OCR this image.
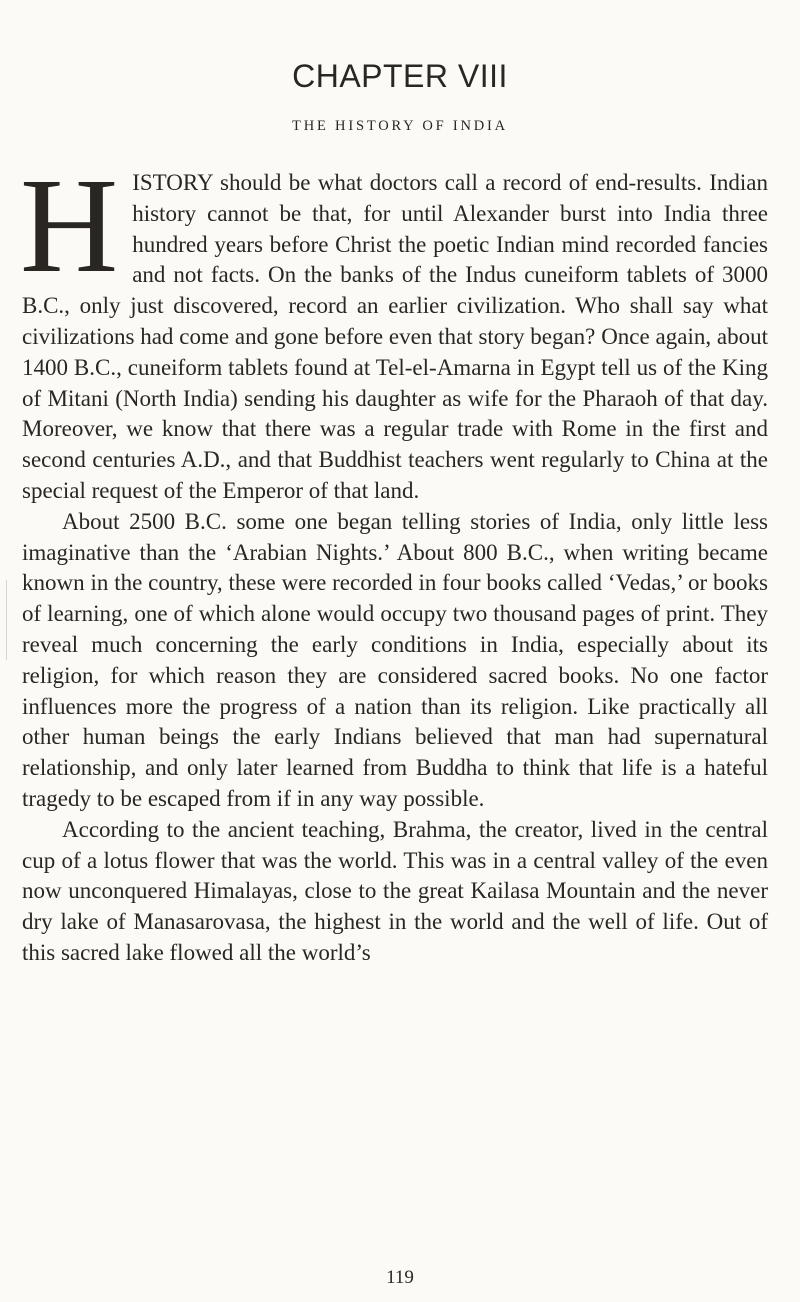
CHAPTER VIII
THE HISTORY OF INDIA

HISTORY should be what doctors call a record of end-results. Indian history cannot be that, for until Alexander burst into India three hundred years before Christ the poetic Indian mind recorded fancies and not facts. On the banks of the Indus cuneiform tablets of 3000 B.C., only just discovered, record an earlier civilization. Who shall say what civilizations had come and gone before even that story began? Once again, about 1400 B.C., cuneiform tablets found at Tel-el-Amarna in Egypt tell us of the King of Mitani (North India) sending his daughter as wife for the Pharaoh of that day. Moreover, we know that there was a regular trade with Rome in the first and second centuries A.D., and that Buddhist teachers went regularly to China at the special request of the Emperor of that land.

About 2500 B.C. some one began telling stories of India, only little less imaginative than the ‘Arabian Nights.’ About 800 B.C., when writing became known in the country, these were recorded in four books called ‘Vedas,’ or books of learning, one of which alone would occupy two thousand pages of print. They reveal much concerning the early conditions in India, especially about its religion, for which reason they are considered sacred books. No one factor influences more the progress of a nation than its religion. Like practically all other human beings the early Indians believed that man had supernatural relationship, and only later learned from Buddha to think that life is a hateful tragedy to be escaped from if in any way possible.

According to the ancient teaching, Brahma, the creator, lived in the central cup of a lotus flower that was the world. This was in a central valley of the even now unconquered Himalayas, close to the great Kailasa Mountain and the never dry lake of Manasarovasa, the highest in the world and the well of life. Out of this sacred lake flowed all the world’s

119
